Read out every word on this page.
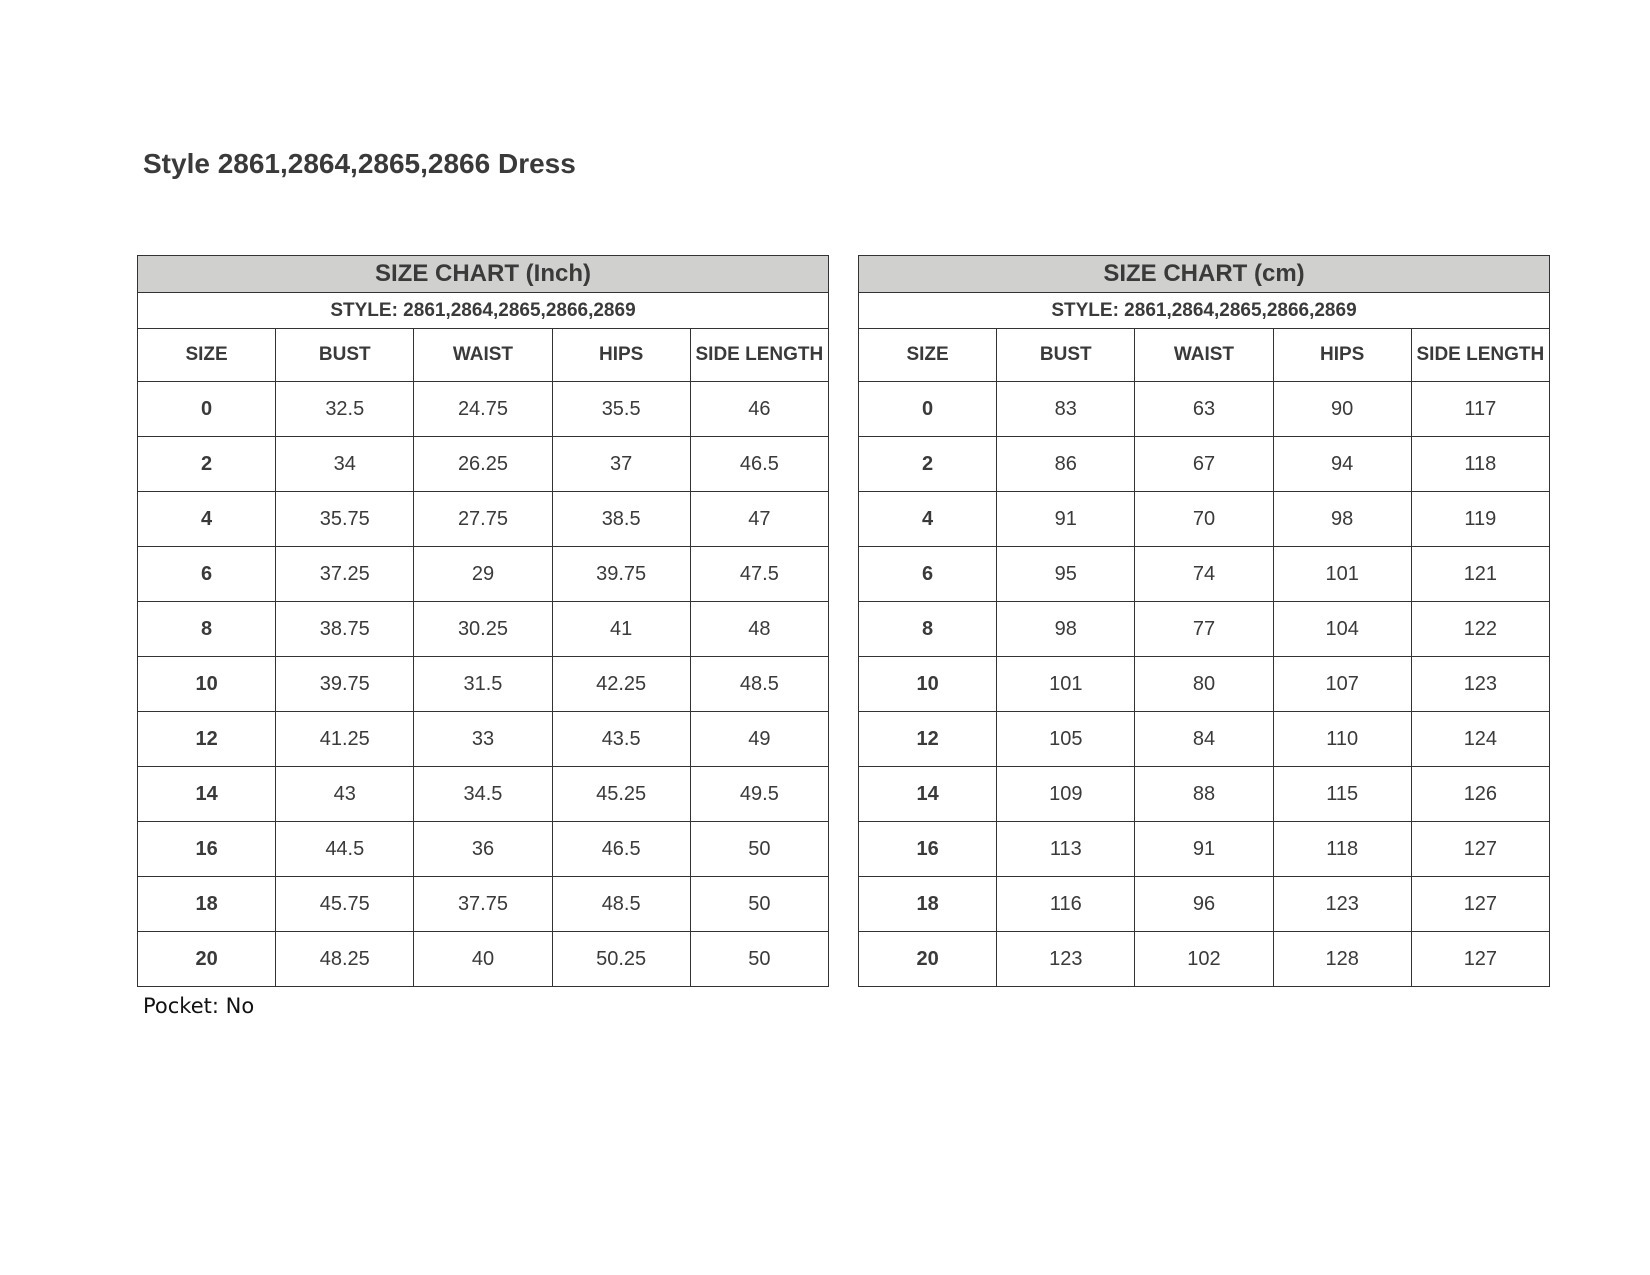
Style 2861,2864,2865,2866 Dress
SIZE CHART (Inch)				
STYLE: 2861,2864,2865,2866,2869				
SIZE	BUST	WAIST	HIPS	SIDE LENGTH
0	32.5	24.75	35.5	46
2	34	26.25	37	46.5
4	35.75	27.75	38.5	47
6	37.25	29	39.75	47.5
8	38.75	30.25	41	48
10	39.75	31.5	42.25	48.5
12	41.25	33	43.5	49
14	43	34.5	45.25	49.5
16	44.5	36	46.5	50
18	45.75	37.75	48.5	50
20	48.25	40	50.25	50
SIZE CHART (cm)				
STYLE: 2861,2864,2865,2866,2869				
SIZE	BUST	WAIST	HIPS	SIDE LENGTH
0	83	63	90	117
2	86	67	94	118
4	91	70	98	119
6	95	74	101	121
8	98	77	104	122
10	101	80	107	123
12	105	84	110	124
14	109	88	115	126
16	113	91	118	127
18	116	96	123	127
20	123	102	128	127
Pocket: No
